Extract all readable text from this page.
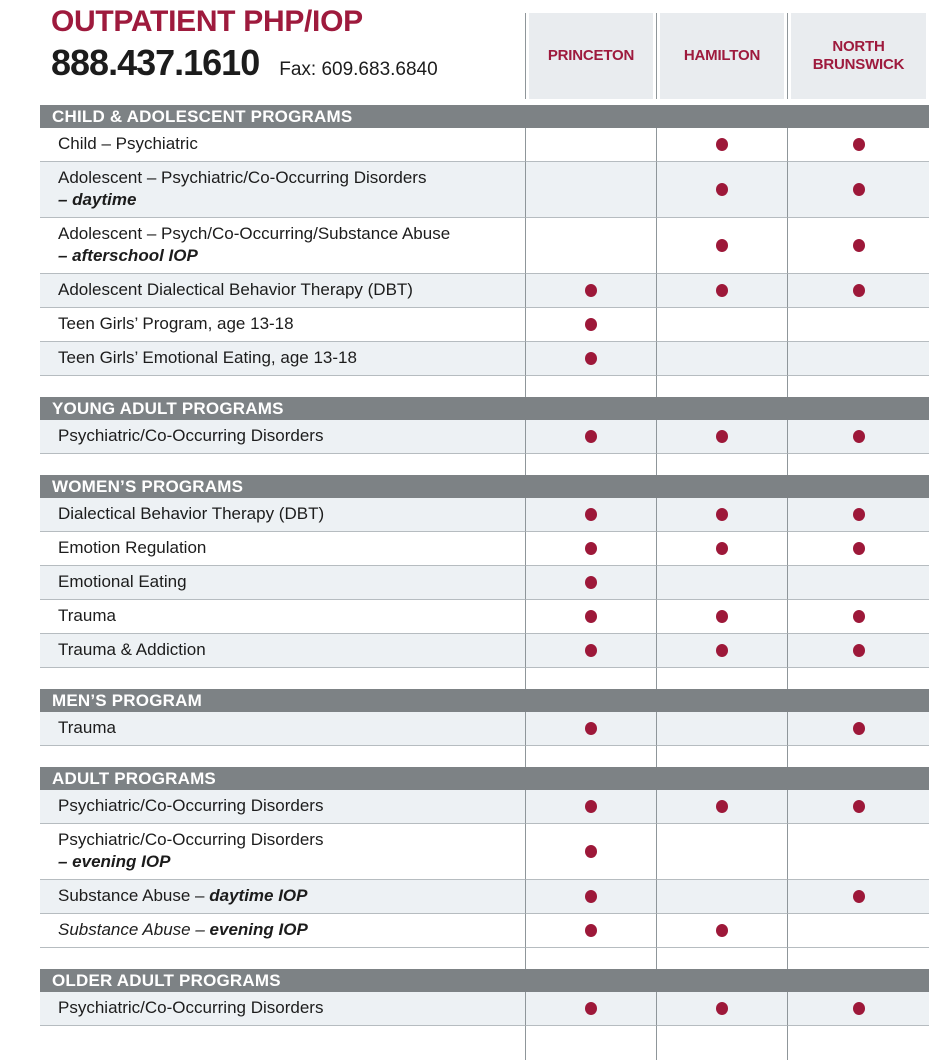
OUTPATIENT PHP/IOP
888.437.1610 Fax: 609.683.6840
PRINCETON	HAMILTON
NORTH BRUNSWICK
CHILD & ADOLESCENT PROGRAMS
Child – Psychiatric
Adolescent – Psychiatric/Co-Occurring Disorders
– daytime
Adolescent – Psych/Co-Occurring/Substance Abuse
– afterschool IOP
Adolescent Dialectical Behavior Therapy (DBT)
Teen Girls’ Program, age 13-18
Teen Girls’ Emotional Eating, age 13-18
YOUNG ADULT PROGRAMS
Psychiatric/Co-Occurring Disorders
WOMEN’S PROGRAMS
Dialectical Behavior Therapy (DBT)
Emotion Regulation
Emotional Eating
Trauma
Trauma & Addiction
MEN’S PROGRAM
Trauma
ADULT PROGRAMS
Psychiatric/Co-Occurring Disorders
Psychiatric/Co-Occurring Disorders
– evening IOP
Substance Abuse – daytime IOP
Substance Abuse – evening IOP
OLDER ADULT PROGRAMS
Psychiatric/Co-Occurring Disorders
